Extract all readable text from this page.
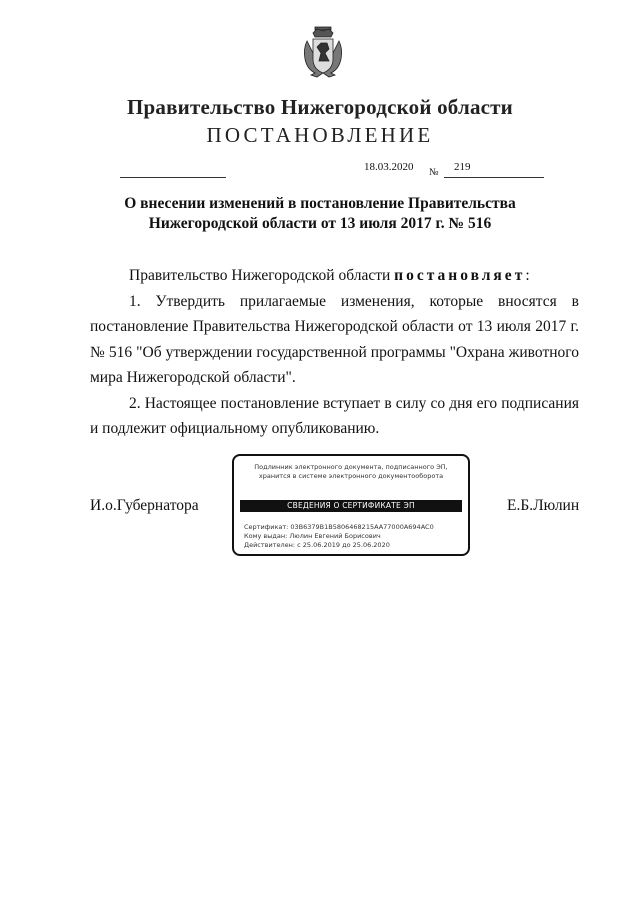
Правительство Нижегородской области
ПОСТАНОВЛЕНИЕ
18.03.2020 № 219
О внесении изменений в постановление Правительства
Нижегородской области от 13 июля 2017 г. № 516

Правительство Нижегородской области постановляет:

1. Утвердить прилагаемые изменения, которые вносятся в постановление Правительства Нижегородской области от 13 июля 2017 г. № 516 "Об утверждении государственной программы "Охрана животного мира Нижегородской области".

2. Настоящее постановление вступает в силу со дня его подписания и подлежит официальному опубликованию.

И.о.Губернатора	Е.Б.Люлин
Подлинник электронного документа, подписанного ЭП,
хранится в системе электронного документооборота
СВЕДЕНИЯ О СЕРТИФИКАТЕ ЭП
Сертификат: 03B6379B1B5806468215AA77000A694AC0
Кому выдан: Люлин Евгений Борисович
Действителен: с 25.06.2019 до 25.06.2020
